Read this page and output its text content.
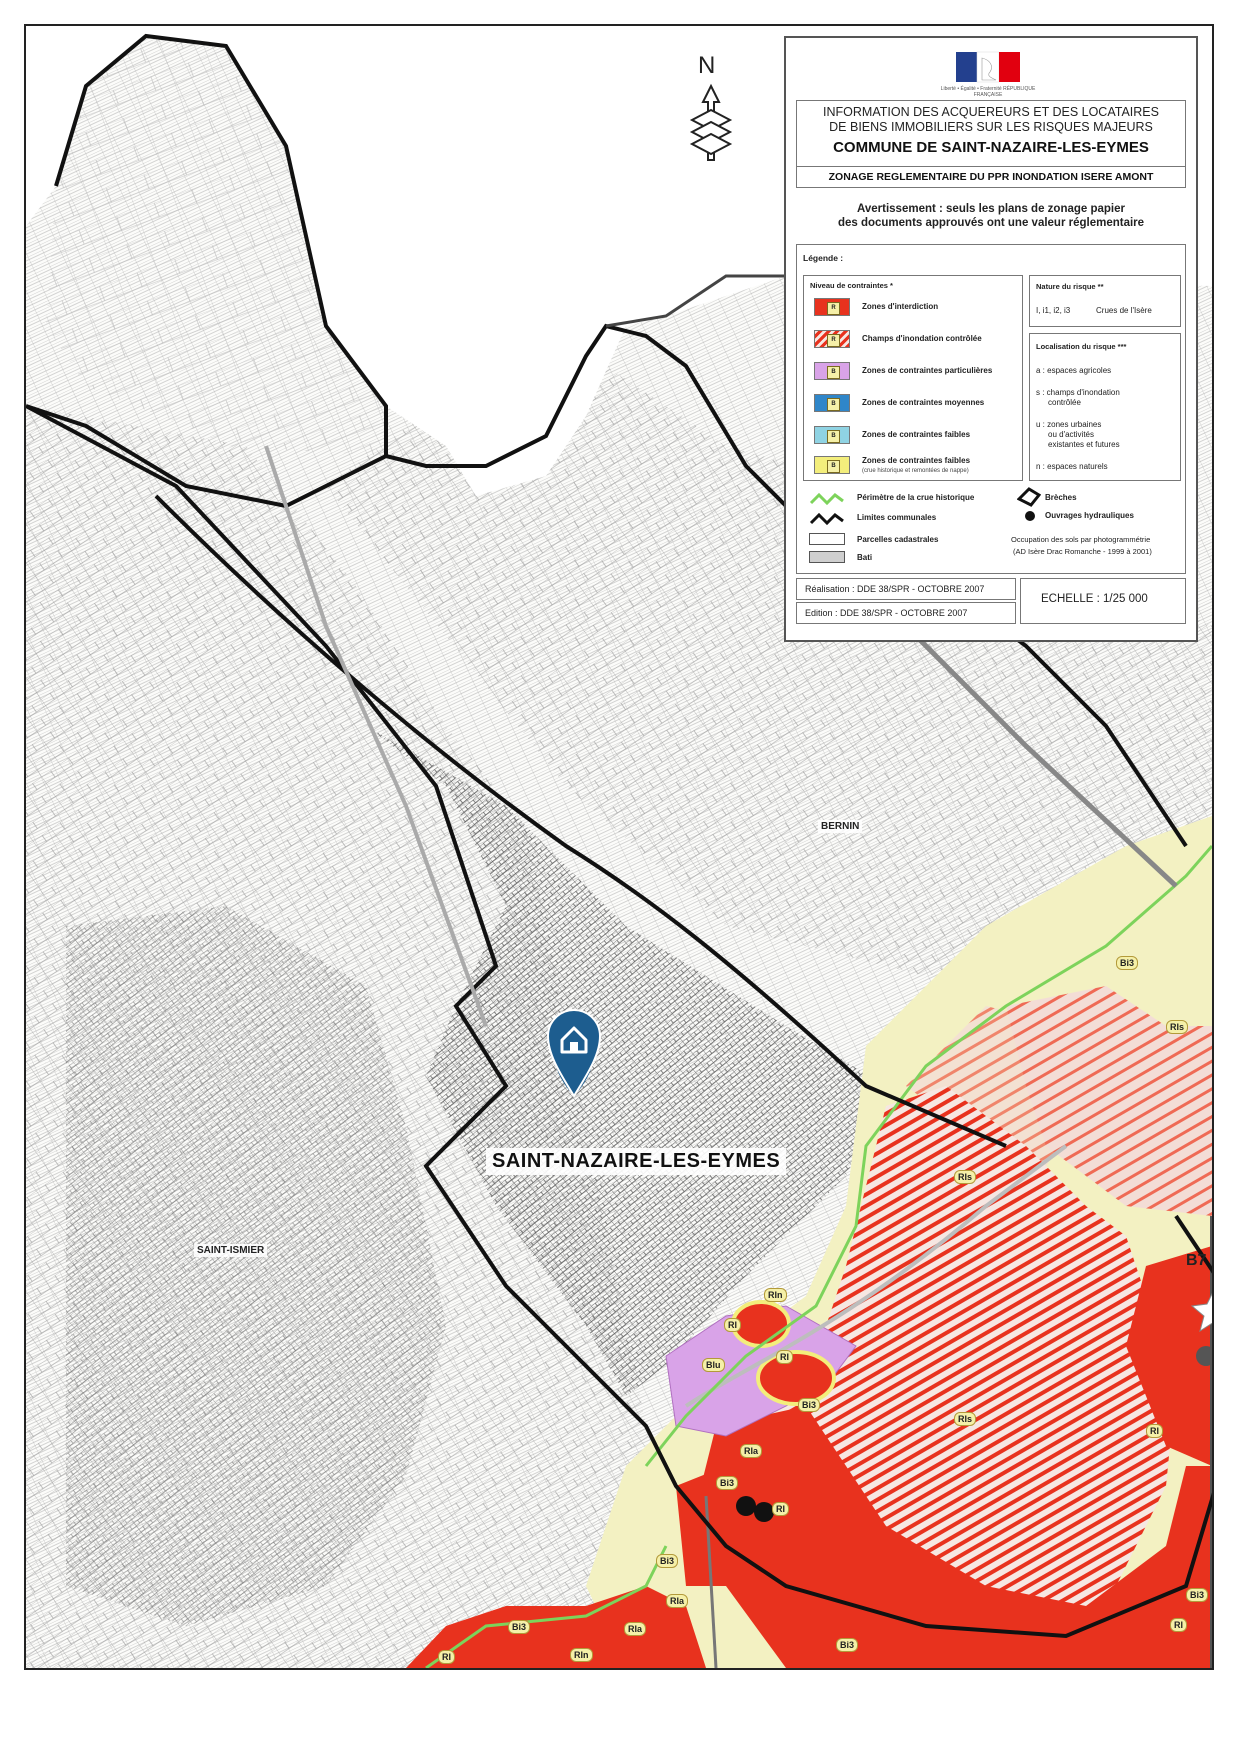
BERNIN
SAINT-ISMIER
SAINT-NAZAIRE-LES-EYMES
B7
Bi3
RIs
RIs
RIs
RIn
RI
Blu
RI
Bi3
RIa
Bi3
RI
RI
Bi3
RIa
Bi3	RIa
RI	RIn
Bi3
Bi3
RI
N
Liberté • Égalité • Fraternité RÉPUBLIQUE FRANÇAISE
INFORMATION DES ACQUEREURS ET DES LOCATAIRES
DE BIENS IMMOBILIERS SUR LES RISQUES MAJEURS
COMMUNE DE SAINT-NAZAIRE-LES-EYMES
ZONAGE REGLEMENTAIRE DU PPR INONDATION ISERE AMONT
Avertissement : seuls les plans de zonage papier
des documents approuvés ont une valeur réglementaire
Légende :
Niveau de contraintes *
R	Zones d'interdiction
R	Champs d'inondation contrôlée
B	Zones de contraintes particulières
B	Zones de contraintes moyennes
B	Zones de contraintes faibles
B
Zones de contraintes faibles
(crue historique et remontées de nappe)
Nature du risque **
I, i1, i2, i3	Crues de l'Isère
Localisation du risque ***
a : espaces agricoles
s : champs d'inondation
contrôlée
u : zones urbaines
ou d'activités
existantes et futures
n : espaces naturels
Périmètre de la crue historique
Limites communales
Parcelles cadastrales
Bati
Brèches
Ouvrages hydrauliques
Occupation des sols par photogrammétrie
(AD Isère Drac Romanche - 1999 à 2001)
Réalisation : DDE 38/SPR - OCTOBRE 2007
Edition : DDE 38/SPR - OCTOBRE 2007
ECHELLE : 1/25 000
